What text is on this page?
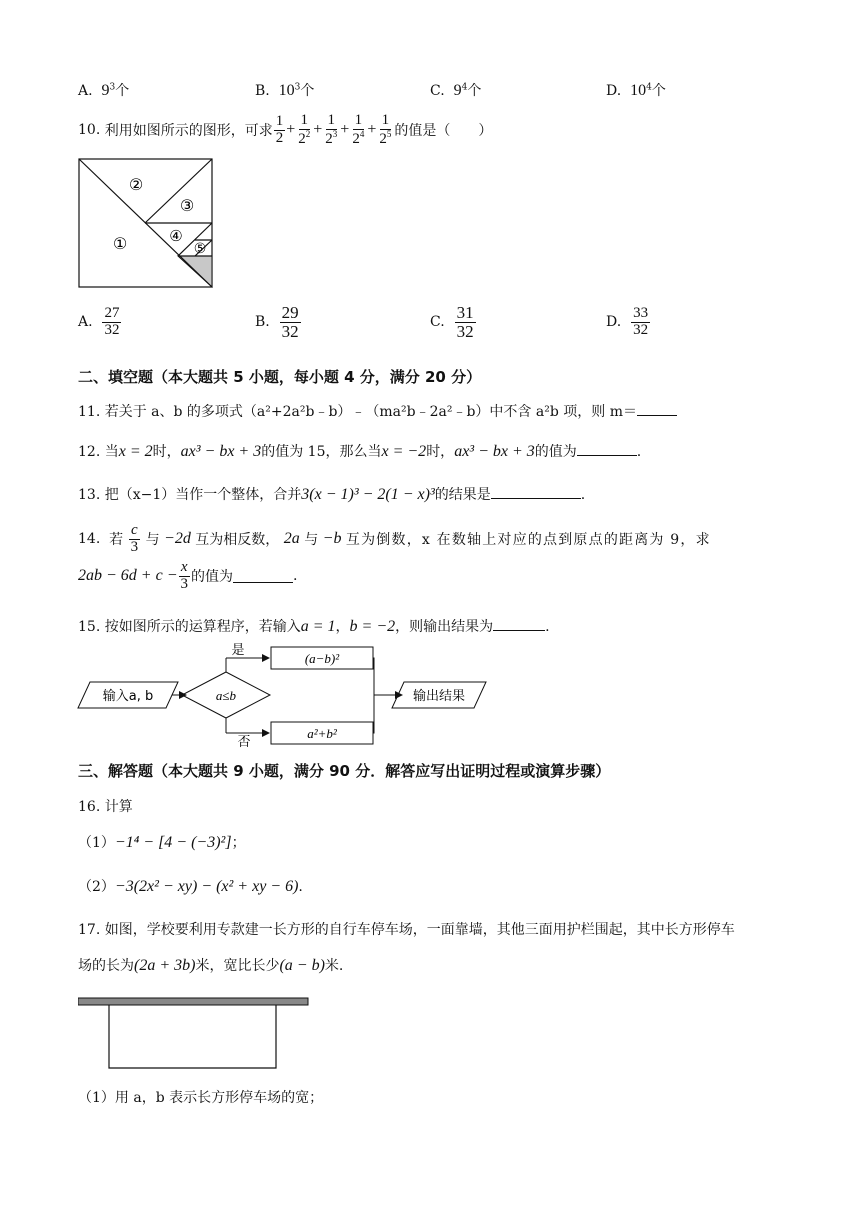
A. $9^3$个	B. $10^3$个	C. $9^4$个	D. $10^4$个
10.
利用如图所示的图形，可求 $\frac{1}{2} + \frac{1}{2^2} + \frac{1}{2^3} + \frac{1}{2^4} + \frac{1}{2^5}$ 的值是（　　）
②
③
①	④
⑤
A.
$\frac{27}{32}$	B.
$\frac{29}{32}$	C.
$\frac{31}{32}$	D.
$\frac{33}{32}$
二、填空题（本大题共 5 小题，每小题 4 分，满分 20 分）
11. 若关于 a、b 的多项式（a²+2a²b﹣b）﹣（ma²b﹣2a²﹣b）中不含 a²b 项，则 m＝
12. 当x = 2时，ax³ − bx + 3的值为 15，那么当x = −2时，ax³ − bx + 3的值为	.
13. 把（x−1）当作一个整体，合并3(x − 1)³ − 2(1 − x)³的结果是	.
14.
若
$\frac{c}{3}$
与
−2d
互为相反数，
2a
与
−b
互为倒数，x 在数轴上对应的点到原点的距离为 9，求
$2ab - 6d + c - \frac{x}{3}$ 的值为	.
15. 按如图所示的运算程序，若输入a = 1，b = −2，则输出结果为	.
输入a, b	a≤b
是
(a−b)²
否
a²+b²
输出结果
三、解答题（本大题共 9 小题，满分 90 分．解答应写出证明过程或演算步骤）
16. 计算
（1）−1⁴ − [4 − (−3)²]；
（2）−3(2x² − xy) − (x² + xy − 6).
17. 如图，学校要利用专款建一长方形的自行车停车场，一面靠墙，其他三面用护栏围起，其中长方形停车
场的长为(2a + 3b)米，宽比长少(a − b)米.
（1）用 a，b 表示长方形停车场的宽；
